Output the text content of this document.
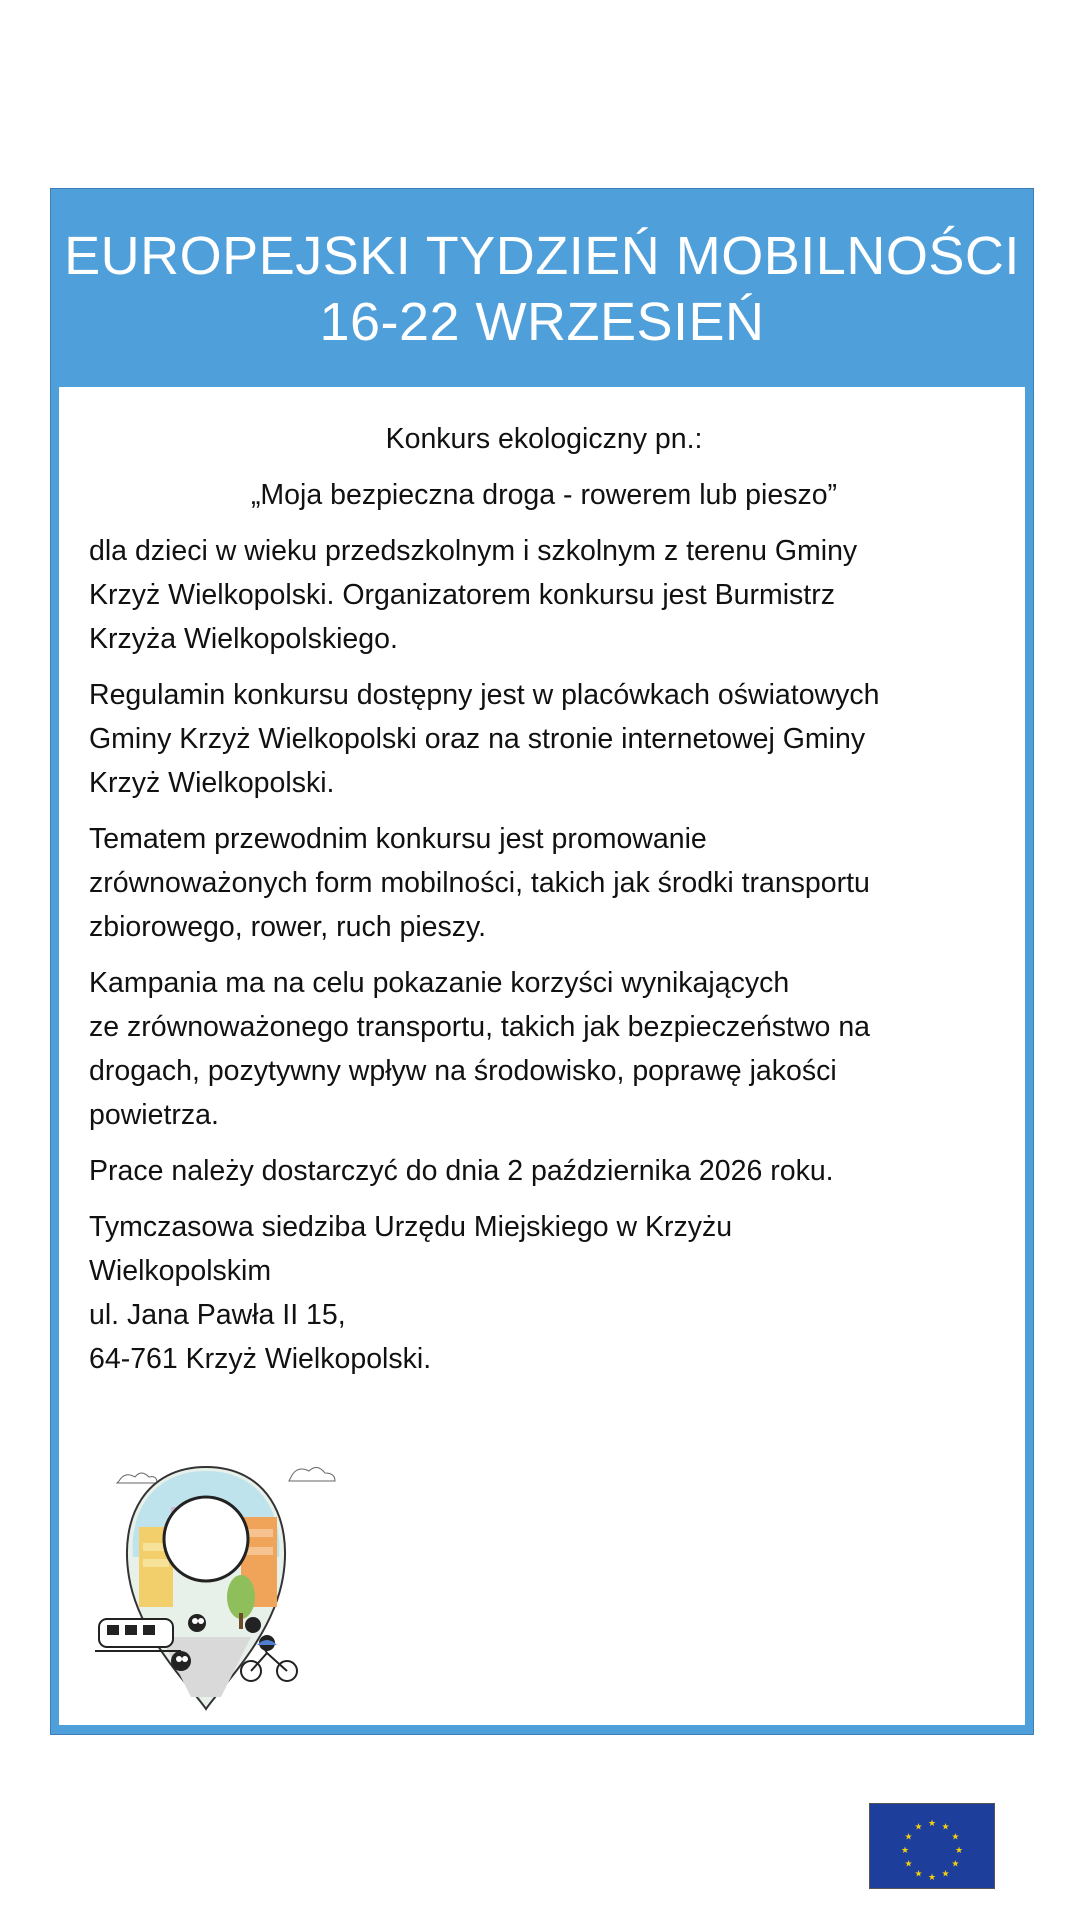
EUROPEJSKI TYDZIEŃ MOBILNOŚCI
16-22 WRZESIEŃ
Konkurs ekologiczny pn.:
„Moja bezpieczna droga - rowerem lub pieszo”
dla dzieci w wieku przedszkolnym i szkolnym z terenu Gminy
Krzyż Wielkopolski. Organizatorem konkursu jest Burmistrz
Krzyża Wielkopolskiego.
Regulamin konkursu dostępny jest w placówkach oświatowych
Gminy Krzyż Wielkopolski oraz na stronie internetowej Gminy
Krzyż Wielkopolski.
Tematem przewodnim konkursu jest promowanie
zrównoważonych form mobilności, takich jak środki transportu
zbiorowego, rower, ruch pieszy.
Kampania ma na celu pokazanie korzyści wynikających
ze zrównoważonego transportu, takich jak bezpieczeństwo na
drogach, pozytywny wpływ na środowisko, poprawę jakości
powietrza.
Prace należy dostarczyć do dnia 2 października 2026 roku.
Tymczasowa siedziba Urzędu Miejskiego w Krzyżu
Wielkopolskim
ul. Jana Pawła II 15,
64-761 Krzyż Wielkopolski.
★ ★
★
★
★
★
★
★
★
★
★
★
